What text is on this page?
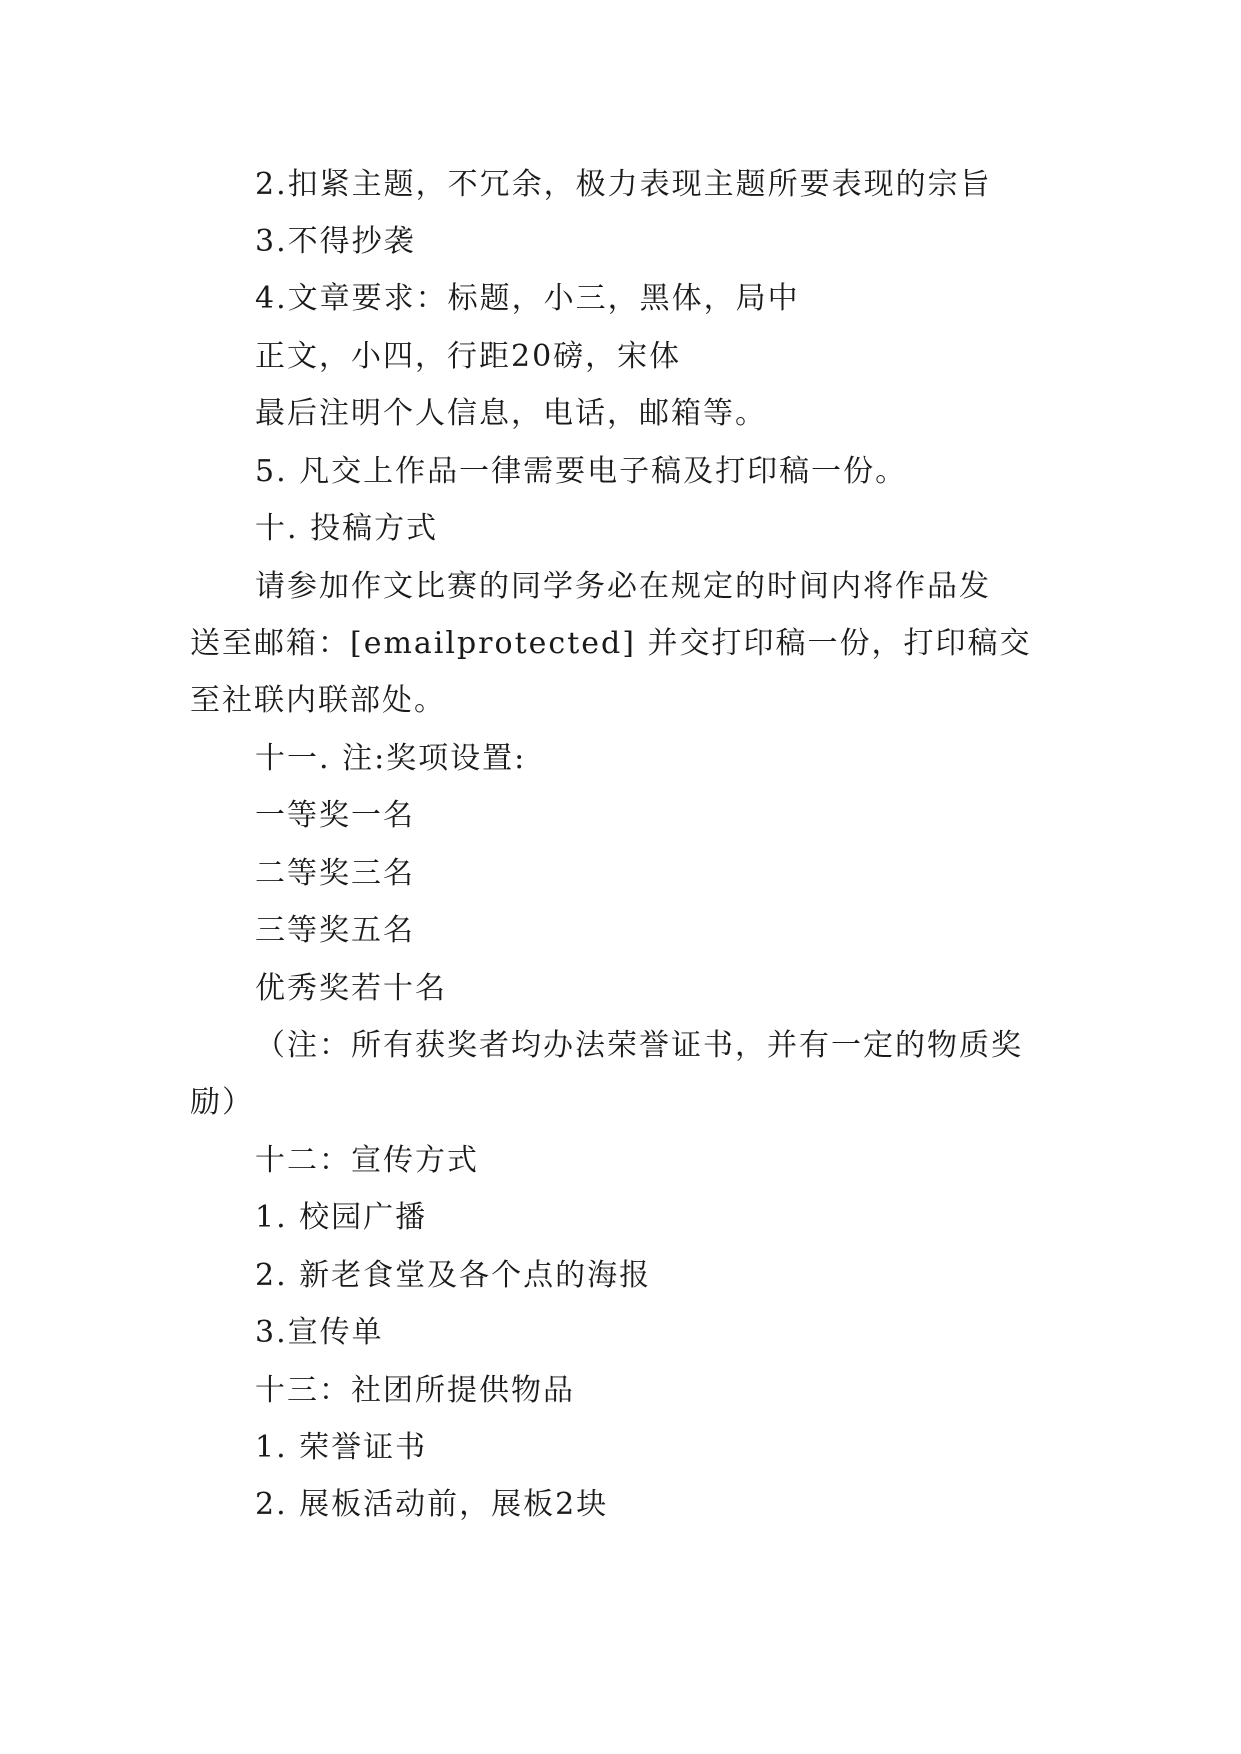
2.扣紧主题，不冗余，极力表现主题所要表现的宗旨
3.不得抄袭
4.文章要求：标题，小三，黑体，局中
正文，小四，行距20磅，宋体
最后注明个人信息，电话，邮箱等。
5. 凡交上作品一律需要电子稿及打印稿一份。
十. 投稿方式
请参加作文比赛的同学务必在规定的时间内将作品发
送至邮箱：[emailprotected] 并交打印稿一份，打印稿交
至社联内联部处。
十一. 注:奖项设置:
一等奖一名
二等奖三名
三等奖五名
优秀奖若十名
（注：所有获奖者均办法荣誉证书，并有一定的物质奖
励）
十二：宣传方式
1. 校园广播
2. 新老食堂及各个点的海报
3.宣传单
十三：社团所提供物品
1. 荣誉证书
2. 展板活动前，展板2块
